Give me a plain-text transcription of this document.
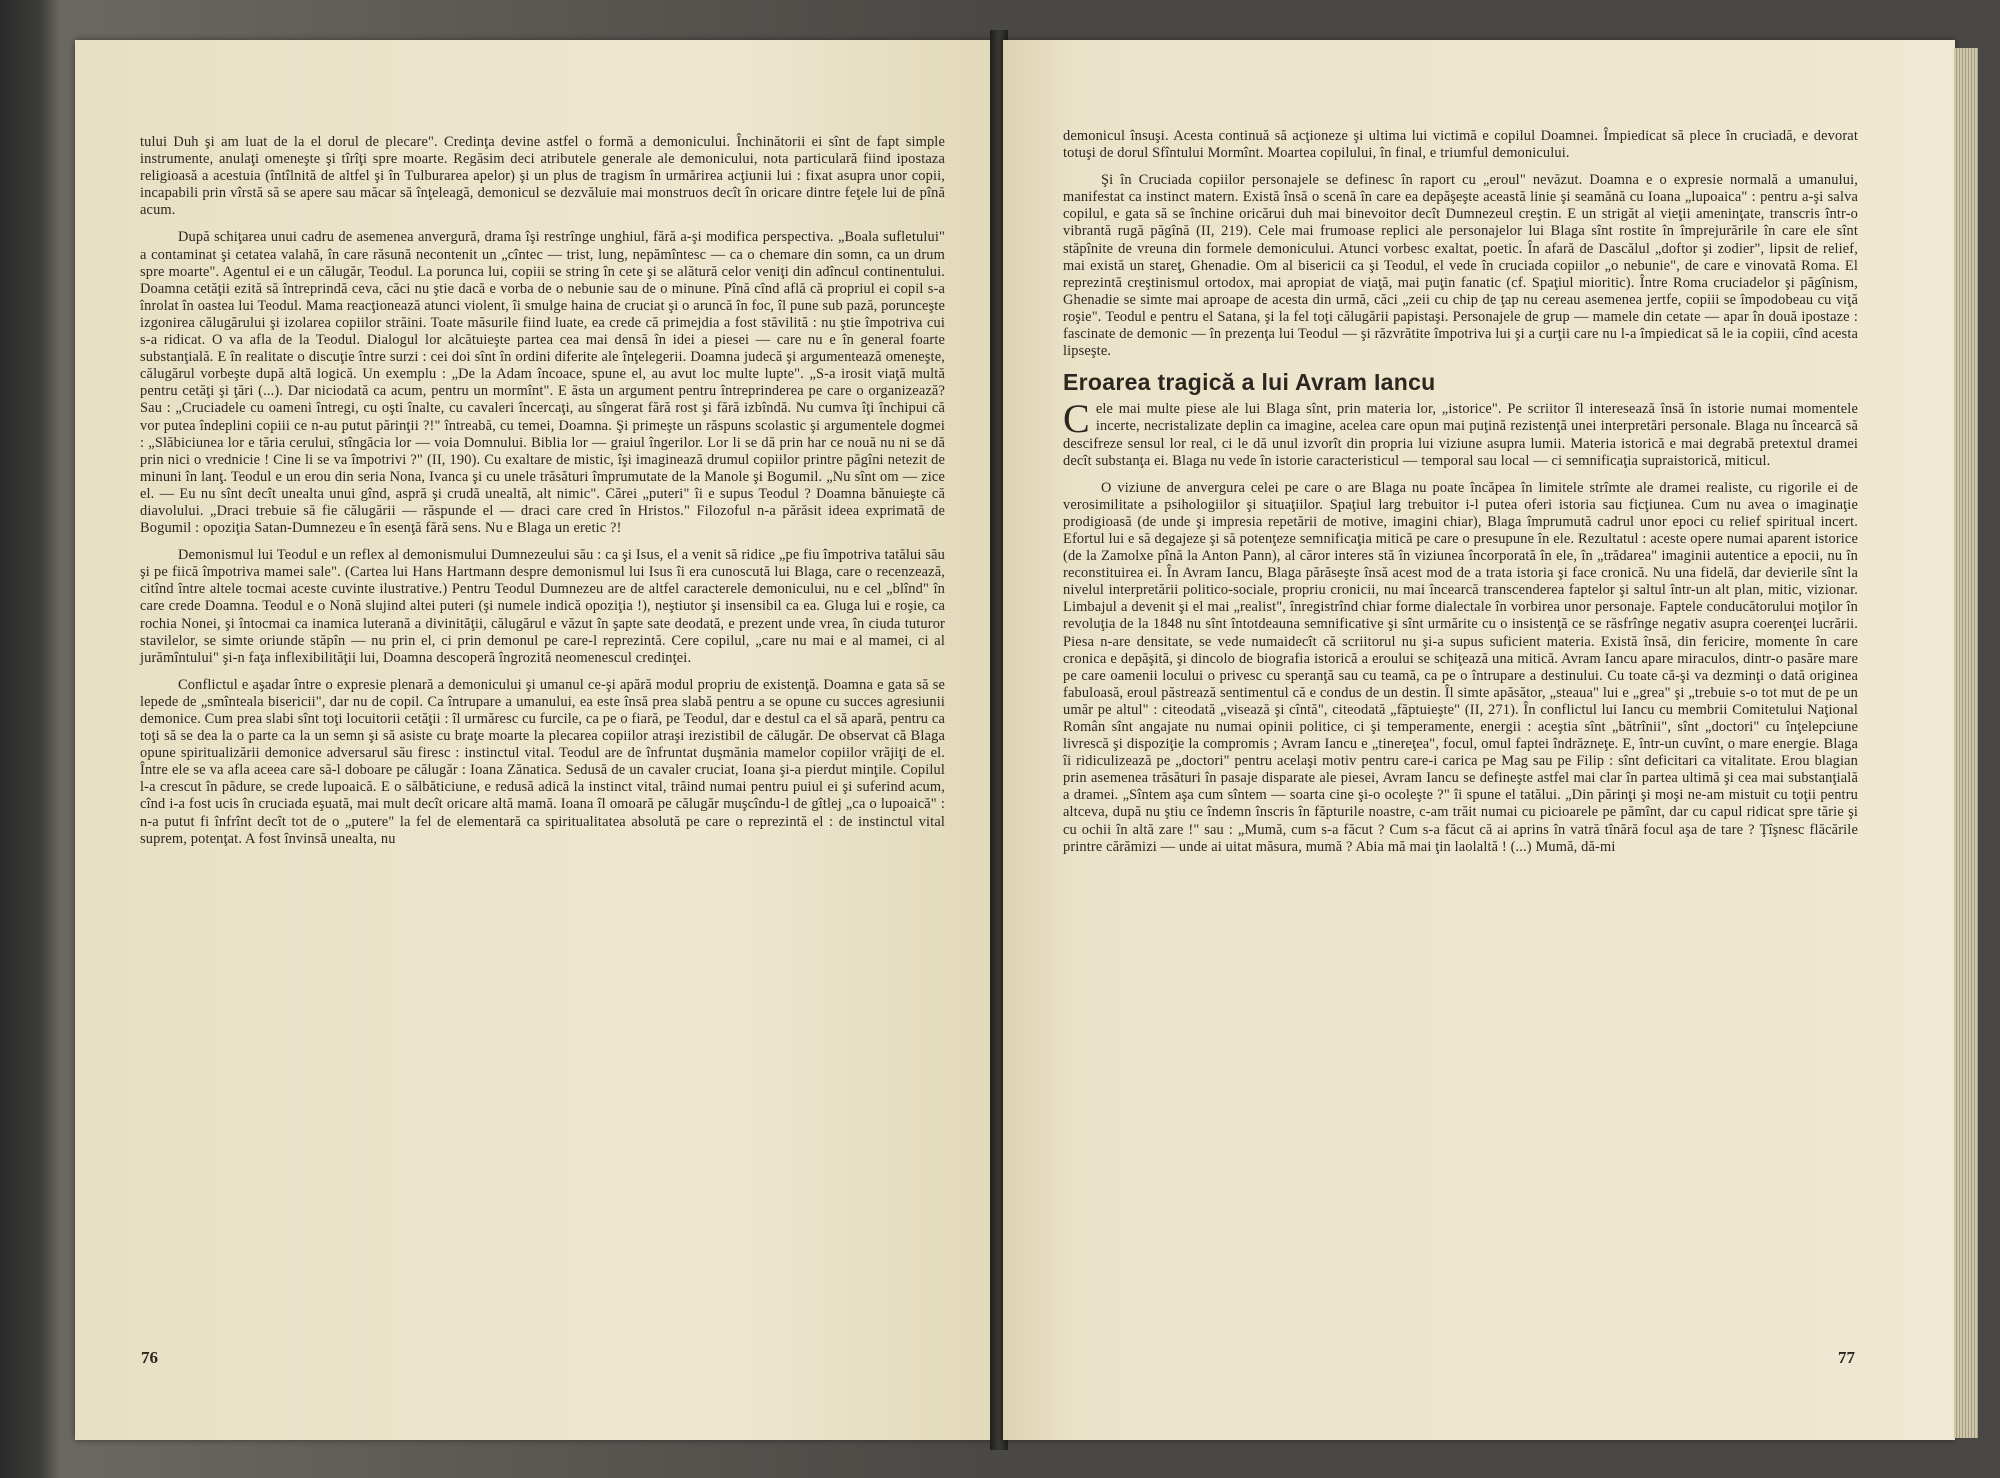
tului Duh şi am luat de la el dorul de plecare". Credinţa devine astfel o formă a demonicului. Închinătorii ei sînt de fapt simple instrumente, anulaţi omeneşte şi tîrîţi spre moarte. Regăsim deci atributele generale ale demonicului, nota particulară fiind ipostaza religioasă a acestuia (întîlnită de altfel şi în Tulburarea apelor) şi un plus de tragism în urmărirea acţiunii lui : fixat asupra unor copii, incapabili prin vîrstă să se apere sau măcar să înţeleagă, demonicul se dezvăluie mai monstruos decît în oricare dintre feţele lui de pînă acum.

După schiţarea unui cadru de asemenea anvergură, drama îşi restrînge unghiul, fără a-şi modifica perspectiva. „Boala sufletului" a contaminat şi cetatea valahă, în care răsună necontenit un „cîntec — trist, lung, nepămîntesc — ca o chemare din somn, ca un drum spre moarte". Agentul ei e un călugăr, Teodul. La porunca lui, copiii se string în cete şi se alătură celor veniţi din adîncul continentului. Doamna cetăţii ezită să întreprindă ceva, căci nu ştie dacă e vorba de o nebunie sau de o minune. Pînă cînd află că propriul ei copil s-a înrolat în oastea lui Teodul. Mama reacţionează atunci violent, îi smulge haina de cruciat şi o aruncă în foc, îl pune sub pază, porunceşte izgonirea călugărului şi izolarea copiilor străini. Toate măsurile fiind luate, ea crede că primejdia a fost stăvilită : nu ştie împotriva cui s-a ridicat. O va afla de la Teodul. Dialogul lor alcătuieşte partea cea mai densă în idei a piesei — care nu e în general foarte substanţială. E în realitate o discuţie între surzi : cei doi sînt în ordini diferite ale înţelegerii. Doamna judecă şi argumentează omeneşte, călugărul vorbeşte după altă logică. Un exemplu : „De la Adam încoace, spune el, au avut loc multe lupte". „S-a irosit viaţă multă pentru cetăţi şi ţări (...). Dar niciodată ca acum, pentru un mormînt". E ăsta un argument pentru întreprinderea pe care o organizează? Sau : „Cruciadele cu oameni întregi, cu oşti înalte, cu cavaleri încercaţi, au sîngerat fără rost şi fără izbîndă. Nu cumva îţi închipui că vor putea îndeplini copiii ce n-au putut părinţii ?!" întreabă, cu temei, Doamna. Şi primeşte un răspuns scolastic şi argumentele dogmei : „Slăbiciunea lor e tăria cerului, stîngăcia lor — voia Domnului. Biblia lor — graiul îngerilor. Lor li se dă prin har ce nouă nu ni se dă prin nici o vrednicie ! Cine li se va împotrivi ?" (II, 190). Cu exaltare de mistic, îşi imaginează drumul copiilor printre păgîni netezit de minuni în lanţ. Teodul e un erou din seria Nona, Ivanca şi cu unele trăsături împrumutate de la Manole şi Bogumil. „Nu sînt om — zice el. — Eu nu sînt decît unealta unui gînd, aspră şi crudă unealtă, alt nimic". Cărei „puteri" îi e supus Teodul ? Doamna bănuieşte că diavolului. „Draci trebuie să fie călugării — răspunde el — draci care cred în Hristos." Filozoful n-a părăsit ideea exprimată de Bogumil : opoziţia Satan-Dumnezeu e în esenţă fără sens. Nu e Blaga un eretic ?!

Demonismul lui Teodul e un reflex al demonismului Dumnezeului său : ca şi Isus, el a venit să ridice „pe fiu împotriva tatălui său şi pe fiică împotriva mamei sale". (Cartea lui Hans Hartmann despre demonismul lui Isus îi era cunoscută lui Blaga, care o recenzează, citînd între altele tocmai aceste cuvinte ilustrative.) Pentru Teodul Dumnezeu are de altfel caracterele demonicului, nu e cel „blînd" în care crede Doamna. Teodul e o Nonă slujind altei puteri (şi numele indică opoziţia !), neştiutor şi insensibil ca ea. Gluga lui e roşie, ca rochia Nonei, şi întocmai ca inamica luterană a divinităţii, călugărul e văzut în şapte sate deodată, e prezent unde vrea, în ciuda tuturor stavilelor, se simte oriunde stăpîn — nu prin el, ci prin demonul pe care-l reprezintă. Cere copilul, „care nu mai e al mamei, ci al jurămîntului" şi-n faţa inflexibilităţii lui, Doamna descoperă îngrozită neomenescul credinţei.

Conflictul e aşadar între o expresie plenară a demonicului şi umanul ce-şi apără modul propriu de existenţă. Doamna e gata să se lepede de „smînteala bisericii", dar nu de copil. Ca întrupare a umanului, ea este însă prea slabă pentru a se opune cu succes agresiunii demonice. Cum prea slabi sînt toţi locuitorii cetăţii : îl urmăresc cu furcile, ca pe o fiară, pe Teodul, dar e destul ca el să apară, pentru ca toţi să se dea la o parte ca la un semn şi să asiste cu braţe moarte la plecarea copiilor atraşi irezistibil de călugăr. De observat că Blaga opune spiritualizării demonice adversarul său firesc : instinctul vital. Teodul are de înfruntat duşmănia mamelor copiilor vrăjiţi de el. Între ele se va afla aceea care să-l doboare pe călugăr : Ioana Zănatica. Sedusă de un cavaler cruciat, Ioana şi-a pierdut minţile. Copilul l-a crescut în pădure, se crede lupoaică. E o sălbăticiune, e redusă adică la instinct vital, trăind numai pentru puiul ei şi suferind acum, cînd i-a fost ucis în cruciada eşuată, mai mult decît oricare altă mamă. Ioana îl omoară pe călugăr muşcîndu-l de gîtlej „ca o lupoaică" : n-a putut fi înfrînt decît tot de o „putere" la fel de elementară ca spiritualitatea absolută pe care o reprezintă el : de instinctul vital suprem, potenţat. A fost învinsă unealta, nu

76

demonicul însuşi. Acesta continuă să acţioneze şi ultima lui victimă e copilul Doamnei. Împiedicat să plece în cruciadă, e devorat totuşi de dorul Sfîntului Mormînt. Moartea copilului, în final, e triumful demonicului.

Şi în Cruciada copiilor personajele se definesc în raport cu „eroul" nevăzut. Doamna e o expresie normală a umanului, manifestat ca instinct matern. Există însă o scenă în care ea depăşeşte această linie şi seamănă cu Ioana „lupoaica" : pentru a-şi salva copilul, e gata să se închine oricărui duh mai binevoitor decît Dumnezeul creştin. E un strigăt al vieţii ameninţate, transcris într-o vibrantă rugă păgînă (II, 219). Cele mai frumoase replici ale personajelor lui Blaga sînt rostite în împrejurările în care ele sînt stăpînite de vreuna din formele demonicului. Atunci vorbesc exaltat, poetic. În afară de Dascălul „doftor şi zodier", lipsit de relief, mai există un stareţ, Ghenadie. Om al bisericii ca şi Teodul, el vede în cruciada copiilor „o nebunie", de care e vinovată Roma. El reprezintă creştinismul ortodox, mai apropiat de viaţă, mai puţin fanatic (cf. Spaţiul mioritic). Între Roma cruciadelor şi păgînism, Ghenadie se simte mai aproape de acesta din urmă, căci „zeii cu chip de ţap nu cereau asemenea jertfe, copiii se împodobeau cu viţă roşie". Teodul e pentru el Satana, şi la fel toţi călugării papistaşi. Personajele de grup — mamele din cetate — apar în două ipostaze : fascinate de demonic — în prezenţa lui Teodul — şi răzvrătite împotriva lui şi a curţii care nu l-a împiedicat să le ia copiii, cînd acesta lipseşte.

Eroarea tragică a lui Avram Iancu

Cele mai multe piese ale lui Blaga sînt, prin materia lor, „istorice". Pe scriitor îl interesează însă în istorie numai momentele incerte, necristalizate deplin ca imagine, acelea care opun mai puţină rezistenţă unei interpretări personale. Blaga nu încearcă să descifreze sensul lor real, ci le dă unul izvorît din propria lui viziune asupra lumii. Materia istorică e mai degrabă pretextul dramei decît substanţa ei. Blaga nu vede în istorie caracteristicul — temporal sau local — ci semnificaţia supraistorică, miticul.

O viziune de anvergura celei pe care o are Blaga nu poate încăpea în limitele strîmte ale dramei realiste, cu rigorile ei de verosimilitate a psihologiilor şi situaţiilor. Spaţiul larg trebuitor i-l putea oferi istoria sau ficţiunea. Cum nu avea o imaginaţie prodigioasă (de unde şi impresia repetării de motive, imagini chiar), Blaga împrumută cadrul unor epoci cu relief spiritual incert. Efortul lui e să degajeze şi să potenţeze semnificaţia mitică pe care o presupune în ele. Rezultatul : aceste opere numai aparent istorice (de la Zamolxe pînă la Anton Pann), al căror interes stă în viziunea încorporată în ele, în „trădarea" imaginii autentice a epocii, nu în reconstituirea ei. În Avram Iancu, Blaga părăseşte însă acest mod de a trata istoria şi face cronică. Nu una fidelă, dar devierile sînt la nivelul interpretării politico-sociale, propriu cronicii, nu mai încearcă transcenderea faptelor şi saltul într-un alt plan, mitic, vizionar. Limbajul a devenit şi el mai „realist", înregistrînd chiar forme dialectale în vorbirea unor personaje. Faptele conducătorului moţilor în revoluţia de la 1848 nu sînt întotdeauna semnificative şi sînt urmărite cu o insistenţă ce se răsfrînge negativ asupra coerenţei lucrării. Piesa n-are densitate, se vede numaidecît că scriitorul nu şi-a supus suficient materia. Există însă, din fericire, momente în care cronica e depăşită, şi dincolo de biografia istorică a eroului se schiţează una mitică. Avram Iancu apare miraculos, dintr-o pasăre mare pe care oamenii locului o privesc cu speranţă sau cu teamă, ca pe o întrupare a destinului. Cu toate că-şi va dezminţi o dată originea fabuloasă, eroul păstrează sentimentul că e condus de un destin. Îl simte apăsător, „steaua" lui e „grea" şi „trebuie s-o tot mut de pe un umăr pe altul" : citeodată „visează şi cîntă", citeodată „făptuieşte" (II, 271). În conflictul lui Iancu cu membrii Comitetului Naţional Român sînt angajate nu numai opinii politice, ci şi temperamente, energii : aceştia sînt „bătrînii", sînt „doctori" cu înţelepciune livrescă şi dispoziţie la compromis ; Avram Iancu e „tinereţea", focul, omul faptei îndrăzneţe. E, într-un cuvînt, o mare energie. Blaga îi ridiculizează pe „doctori" pentru acelaşi motiv pentru care-i carica pe Mag sau pe Filip : sînt deficitari ca vitalitate. Erou blagian prin asemenea trăsături în pasaje disparate ale piesei, Avram Iancu se defineşte astfel mai clar în partea ultimă şi cea mai substanţială a dramei. „Sîntem aşa cum sîntem — soarta cine şi-o ocoleşte ?" îi spune el tatălui. „Din părinţi şi moşi ne-am mistuit cu toţii pentru altceva, după nu ştiu ce îndemn înscris în făpturile noastre, c-am trăit numai cu picioarele pe pămînt, dar cu capul ridicat spre tărie şi cu ochii în altă zare !" sau : „Mumă, cum s-a făcut ? Cum s-a făcut că ai aprins în vatră tînără focul aşa de tare ? Ţîşnesc flăcările printre cărămizi — unde ai uitat măsura, mumă ? Abia mă mai ţin laolaltă ! (...) Mumă, dă-mi

77
